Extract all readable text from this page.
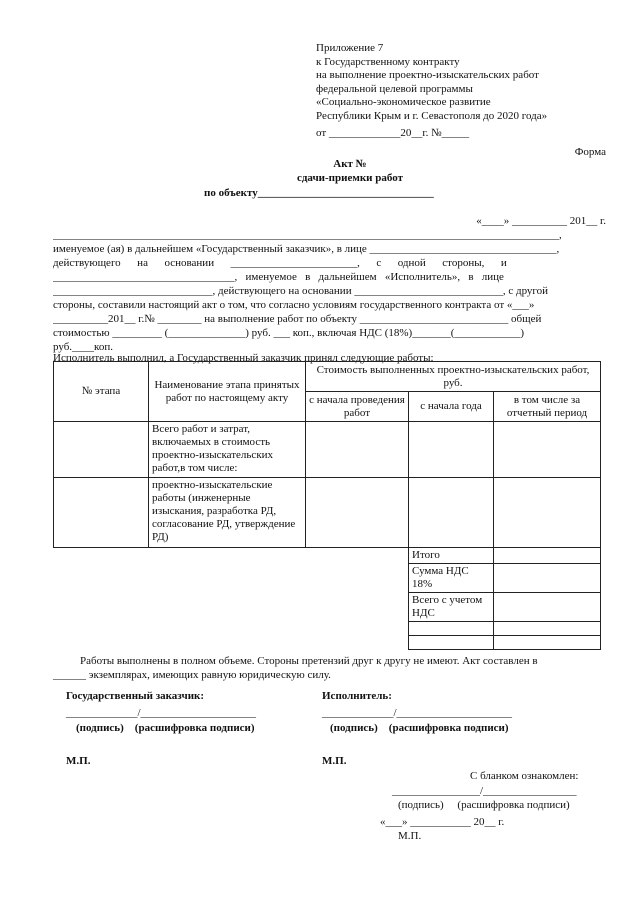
Приложение 7
к Государственному контракту
на выполнение проектно-изыскательских работ
федеральной целевой программы
«Социально-экономическое развитие
Республики Крым и г. Севастополя до 2020 года»
от _____________20__г. №_____
Форма
Акт №
сдачи-приемки работ
по объекту________________________________
«____» __________ 201__ г.
____________________________________________________________________________________________,
именуемое (ая) в дальнейшем «Государственный заказчик», в лице __________________________________,
действующего      на      основании      _______________________,      с      одной      стороны,      и
_________________________________,   именуемое   в   дальнейшем   «Исполнитель»,   в   лице
_____________________________, действующего на основании ___________________________, с другой
стороны, составили настоящий акт о том, что согласно условиям государственного контракта от «___»
__________201__ г.№ ________ на выполнение работ по объекту ___________________________ общей
стоимостью _________ (______________) руб. ___ коп., включая НДС (18%)_______(____________)
руб.____коп.
Исполнитель выполнил, а Государственный заказчик принял следующие работы:
№ этапа	Наименование этапа принятых работ по настоящему акту	Стоимость выполненных проектно-изыскательских работ, руб.		
		с начала проведения работ	с начала года	в том числе за отчетный период
	Всего работ и затрат, включаемых в стоимость проектно-изыскательских работ,в том числе:			
	проектно-изыскательские работы (инженерные изыскания, разработка РД, согласование РД, утверждение РД)			
			Итого	
			Сумма НДС 18%	
			Всего с учетом НДС	

Работы выполнены в полном объеме. Стороны претензий друг к другу не имеют. Акт составлен в
______ экземплярах, имеющих равную юридическую силу.
Государственный заказчик:
_____________/_____________________
(подпись)    (расшифровка подписи)
М.П.
Исполнитель:
_____________/_____________________
(подпись)    (расшифровка подписи)
М.П.
С бланком ознакомлен:
________________/_________________
(подпись)     (расшифровка подписи)
«___» ___________ 20__ г.
М.П.
